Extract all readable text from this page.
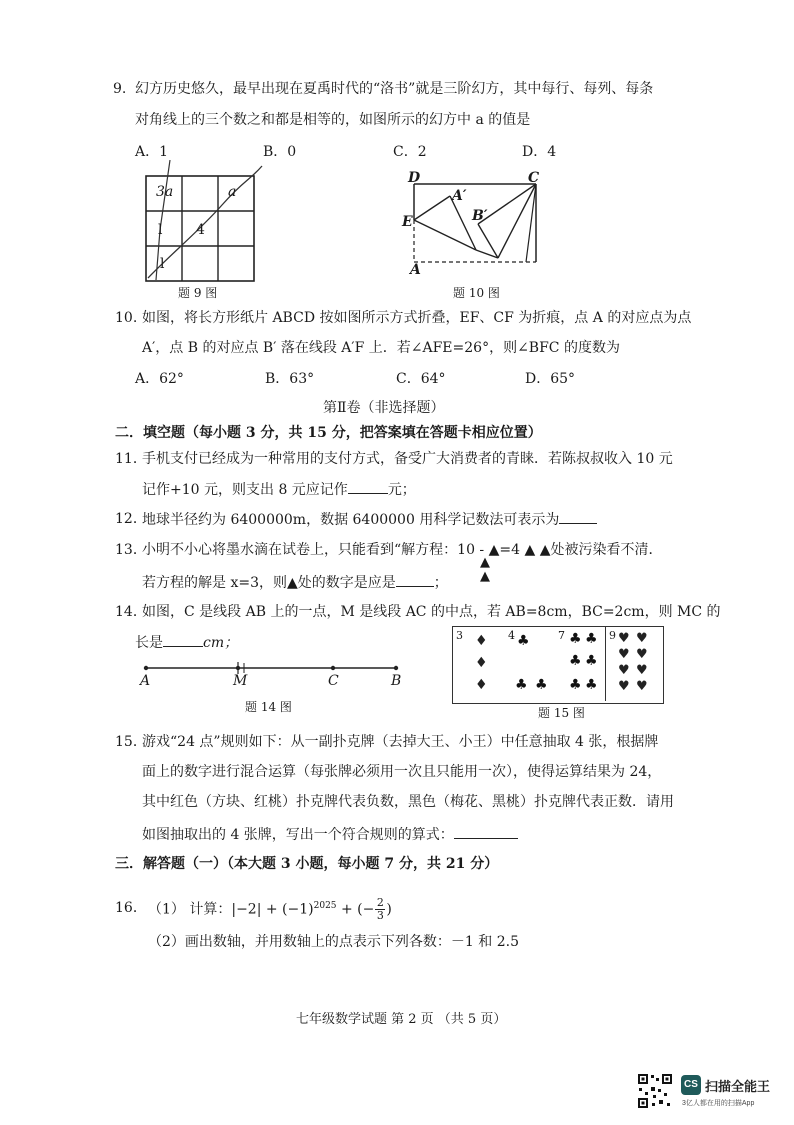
9. 幻方历史悠久，最早出现在夏禹时代的“洛书”就是三阶幻方，其中每行、每列、每条
对角线上的三个数之和都是相等的，如图所示的幻方中 a 的值是
A．1	B．0	C．2	D．4
3a	a
4
l
l
题 9 图
D	C
A′
B′
E
A
题 10 图
10. 如图，将长方形纸片 ABCD 按如图所示方式折叠，EF、CF 为折痕，点 A 的对应点为点
A′，点 B 的对应点 B′ 落在线段 A′F 上．若∠AFE=26°，则∠BFC 的度数为
A．62°	B．63°	C．64°	D．65°
第Ⅱ卷（非选择题）
二．填空题（每小题 3 分，共 15 分，把答案填在答题卡相应位置）
11．
手机支付已经成为一种常用的支付方式，备受广大消费者的青睐．若陈叔叔收入 10 元
记作+10 元，则支出 8 元应记作	元；
12．
地球半径约为 6400000m，数据 6400000 用科学记数法可表示为
13．
小明不小心将墨水滴在试卷上，只能看到“解方程：10 - ▲=4 ▲ ▲处被污染看不清．
▲
▲
若方程的解是 x=3，则▲处的数字是应是	；
14．
如图，C 是线段 AB 上的一点，M 是线段 AC 的中点，若 AB=8cm，BC=2cm，则 MC 的
长是	cm；
A	M	C	B
题 14 图
3 ♦
♦
♦
4 ♣
♣ ♣
7 ♣ ♣
♣ ♣
♣ ♣
9 ♥ ♥
♥ ♥
♥ ♥
♥ ♥
题 15 图
15．
游戏“24 点”规则如下：从一副扑克牌（去掉大王、小王）中任意抽取 4 张，根据牌
面上的数字进行混合运算（每张牌必须用一次且只能用一次），使得运算结果为 24，
其中红色（方块、红桃）扑克牌代表负数，黑色（梅花、黑桃）扑克牌代表正数．请用
如图抽取出的 4 张牌，写出一个符合规则的算式：
三．解答题（一）（本大题 3 小题，每小题 7 分，共 21 分）
16． （1） 计算：$|-2| + (-1)^{2025}$ + (− $\frac{2}{3}$ )
（2）画出数轴，并用数轴上的点表示下列各数：－1 和 2.5
七年级数学试题 第 2 页 （共 5 页）
CS 扫描全能王
3亿人都在用的扫描App
